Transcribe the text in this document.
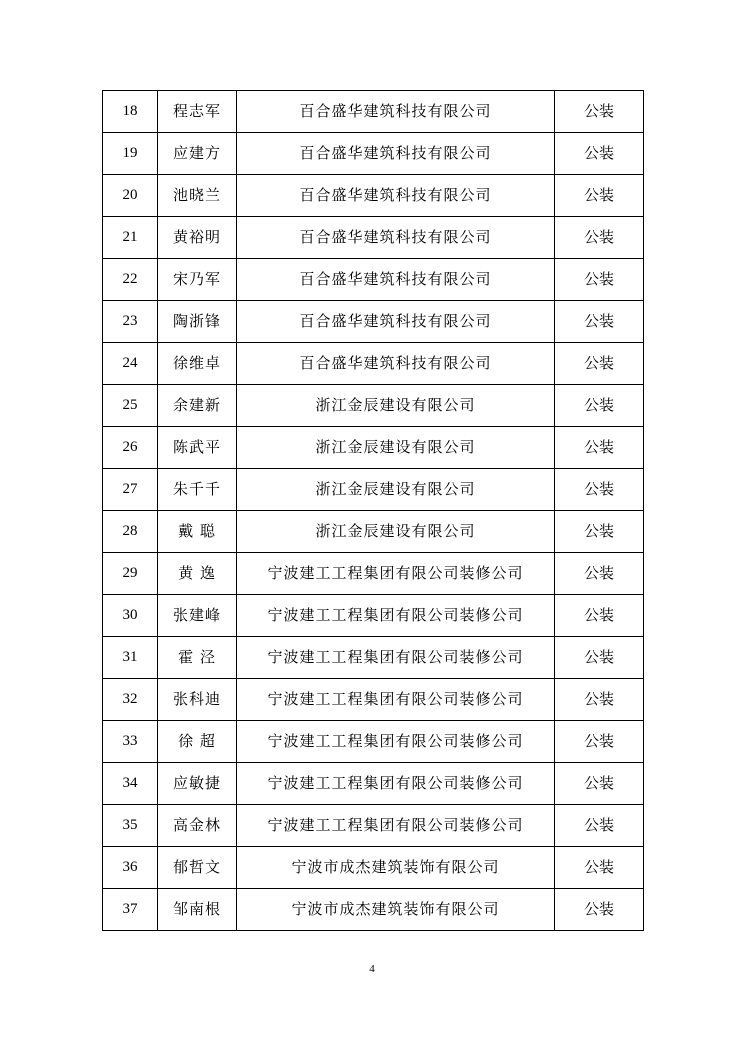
18	程志军	百合盛华建筑科技有限公司	公装
19	应建方	百合盛华建筑科技有限公司	公装
20	池晓兰	百合盛华建筑科技有限公司	公装
21	黄裕明	百合盛华建筑科技有限公司	公装
22	宋乃军	百合盛华建筑科技有限公司	公装
23	陶浙锋	百合盛华建筑科技有限公司	公装
24	徐维卓	百合盛华建筑科技有限公司	公装
25	余建新	浙江金辰建设有限公司	公装
26	陈武平	浙江金辰建设有限公司	公装
27	朱千千	浙江金辰建设有限公司	公装
28	戴 聪	浙江金辰建设有限公司	公装
29	黄 逸	宁波建工工程集团有限公司装修公司	公装
30	张建峰	宁波建工工程集团有限公司装修公司	公装
31	霍 泾	宁波建工工程集团有限公司装修公司	公装
32	张科迪	宁波建工工程集团有限公司装修公司	公装
33	徐 超	宁波建工工程集团有限公司装修公司	公装
34	应敏捷	宁波建工工程集团有限公司装修公司	公装
35	高金林	宁波建工工程集团有限公司装修公司	公装
36	郁哲文	宁波市成杰建筑装饰有限公司	公装
37	邹南根	宁波市成杰建筑装饰有限公司	公装
4
